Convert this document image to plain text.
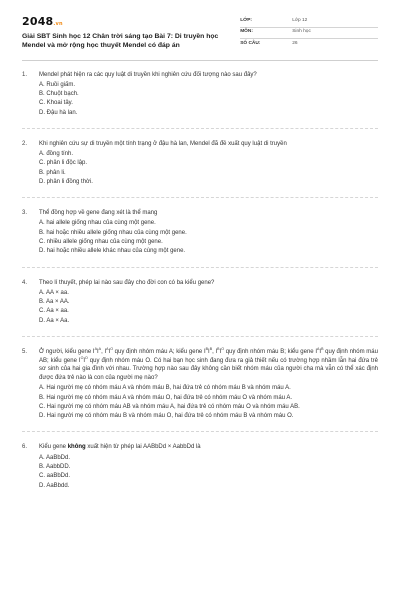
2048.vn
Giải SBT Sinh học 12 Chân trời sáng tạo Bài 7: Di truyền học Mendel và mở rộng học thuyết Mendel có đáp án
LỚP:	Lớp 12
MÔN:	Sinh học
SỐ CÂU:	26
1.	Mendel phát hiện ra các quy luật di truyền khi nghiên cứu đối tượng nào sau đây?
A. Ruồi giấm.
B. Chuột bạch.
C. Khoai tây.
D. Đậu hà lan.
2.	Khi nghiên cứu sự di truyền một tính trạng ở đậu hà lan, Mendel đã đề xuất quy luật di truyền
A. đồng tính.
C. phân li độc lập.
B. phân li.
D. phân li đồng thời.
3.	Thể đồng hợp về gene đang xét là thể mang
A. hai allele giống nhau của cùng một gene.
B. hai hoặc nhiều allele giống nhau của cùng một gene.
C. nhiều allele giống nhau của cùng một gene.
D. hai hoặc nhiều allele khác nhau của cùng một gene.
4.	Theo lí thuyết, phép lai nào sau đây cho đời con có ba kiểu gene?
A. AA × aa.
B. Aa × AA.
C. Aa × aa.
D. Aa × Aa.
5.	Ở người, kiểu gene $I^AI^A$, $I^AI^O$ quy định nhóm máu A; kiểu gene $I^BI^B$, $I^BI^O$ quy định nhóm máu B; kiểu gene $I^AI^B$ quy định nhóm máu AB; kiểu gene $I^OI^O$ quy định nhóm máu O. Có hai bạn học sinh đang đưa ra giả thiết nếu có trường hợp nhầm lẫn hai đứa trẻ sơ sinh của hai gia đình với nhau. Trường hợp nào sau đây không cần biết nhóm máu của người cha mà vẫn có thể xác định được đứa trẻ nào là con của người mẹ nào?
A. Hai người mẹ có nhóm máu A và nhóm máu B, hai đứa trẻ có nhóm máu B và nhóm máu A.
B. Hai người mẹ có nhóm máu A và nhóm máu O, hai đứa trẻ có nhóm máu O và nhóm máu A.
C. Hai người mẹ có nhóm máu AB và nhóm máu A, hai đứa trẻ có nhóm máu O và nhóm máu AB.
D. Hai người mẹ có nhóm máu B và nhóm máu O, hai đứa trẻ có nhóm máu B và nhóm máu O.
6.	Kiểu gene không xuất hiện từ phép lai AABbDd × AabbDd là
A. AaBbDd.
B. AabbDD.
C. aaBbDd.
D. AaBbdd.
